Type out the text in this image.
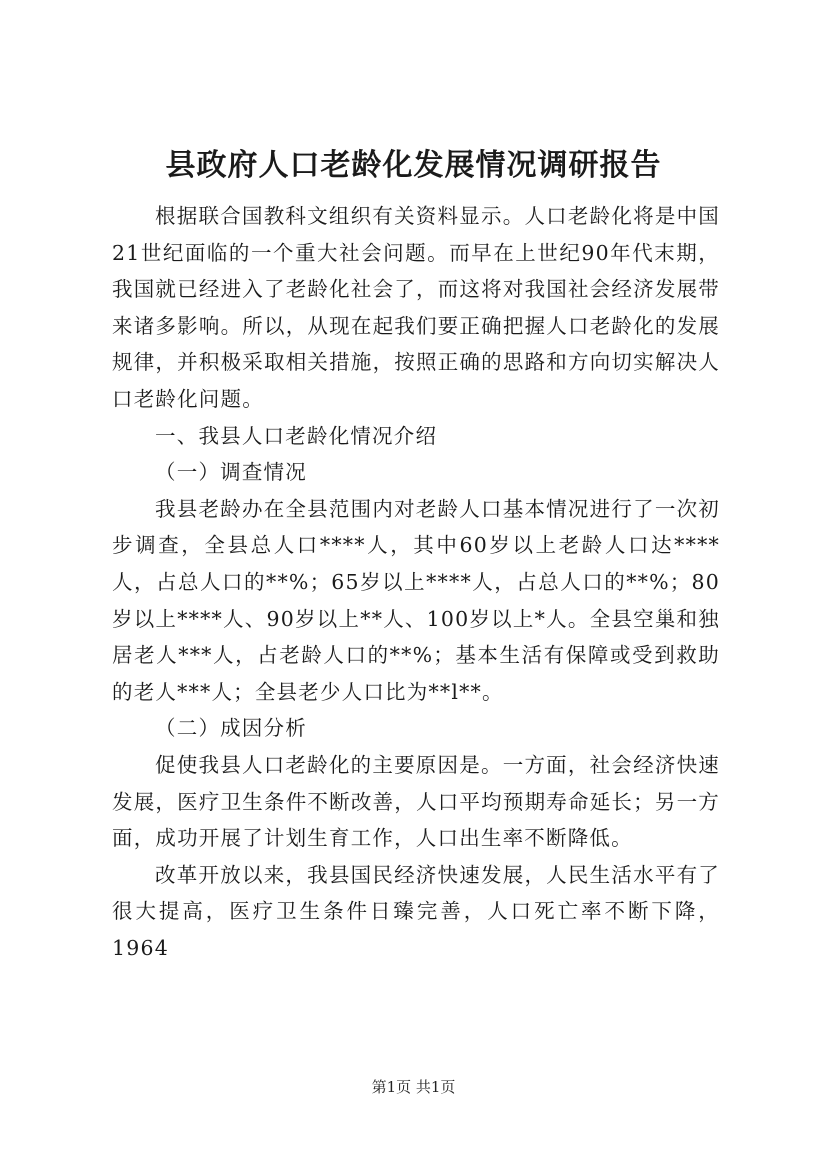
县政府人口老龄化发展情况调研报告

根据联合国教科文组织有关资料显示。人口老龄化将是中国21世纪面临的一个重大社会问题。而早在上世纪90年代末期，我国就已经进入了老龄化社会了，而这将对我国社会经济发展带来诸多影响。所以，从现在起我们要正确把握人口老龄化的发展规律，并积极采取相关措施，按照正确的思路和方向切实解决人口老龄化问题。

一、我县人口老龄化情况介绍

（一）调查情况

我县老龄办在全县范围内对老龄人口基本情况进行了一次初步调查，全县总人口****人，其中60岁以上老龄人口达****人，占总人口的**%；65岁以上****人，占总人口的**%；80岁以上****人、90岁以上**人、100岁以上*人。全县空巢和独居老人***人，占老龄人口的**%；基本生活有保障或受到救助的老人***人；全县老少人口比为**l**。

（二）成因分析

促使我县人口老龄化的主要原因是。一方面，社会经济快速发展，医疗卫生条件不断改善，人口平均预期寿命延长；另一方面，成功开展了计划生育工作，人口出生率不断降低。

改革开放以来，我县国民经济快速发展，人民生活水平有了很大提高，医疗卫生条件日臻完善，人口死亡率不断下降，1964

第1页 共1页
